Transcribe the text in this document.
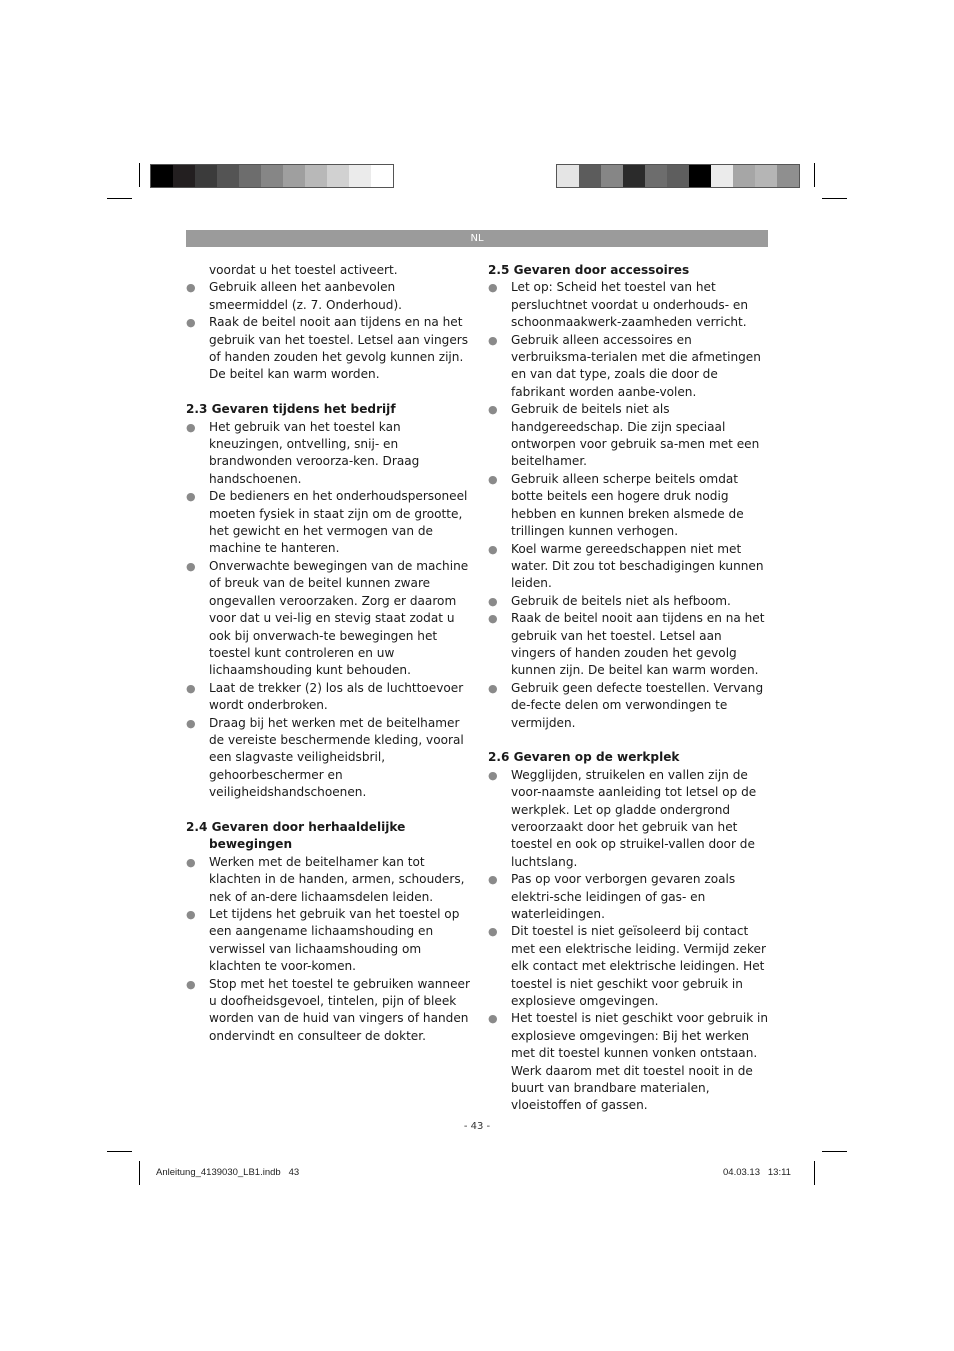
NL

voordat u het toestel activeert.

● Gebruik alleen het aanbevolen smeermiddel (z. 7. Onderhoud).
● Raak de beitel nooit aan tijdens en na het gebruik van het toestel. Letsel aan vingers of handen zouden het gevolg kunnen zijn. De beitel kan warm worden.

2.3 Gevaren tijdens het bedrijf

● Het gebruik van het toestel kan kneuzingen, ontvelling, snij- en brandwonden veroorza-ken. Draag handschoenen.
● De bedieners en het onderhoudspersoneel moeten fysiek in staat zijn om de grootte, het gewicht en het vermogen van de machine te hanteren.
● Onverwachte bewegingen van de machine of breuk van de beitel kunnen zware ongevallen veroorzaken. Zorg er daarom voor dat u vei-lig en stevig staat zodat u ook bij onverwach-te bewegingen het toestel kunt controleren en uw lichaamshouding kunt behouden.
● Laat de trekker (2) los als de luchttoevoer wordt onderbroken.
● Draag bij het werken met de beitelhamer de vereiste beschermende kleding, vooral een slagvaste veiligheidsbril, gehoorbeschermer en veiligheidshandschoenen.

2.4 Gevaren door herhaaldelijke
bewegingen

● Werken met de beitelhamer kan tot klachten in de handen, armen, schouders, nek of an-dere lichaamsdelen leiden.
● Let tijdens het gebruik van het toestel op een aangename lichaamshouding en verwissel van lichaamshouding om klachten te voor-komen.
● Stop met het toestel te gebruiken wanneer u doofheidsgevoel, tintelen, pijn of bleek worden van de huid van vingers of handen ondervindt en consulteer de dokter.

2.5 Gevaren door accessoires

● Let op: Scheid het toestel van het persluchtnet voordat u onderhouds- en schoonmaakwerk-zaamheden verricht.
● Gebruik alleen accessoires en verbruiksma-terialen met die afmetingen en van dat type, zoals die door de fabrikant worden aanbe-volen.
● Gebruik de beitels niet als handgereedschap. Die zijn speciaal ontworpen voor gebruik sa-men met een beitelhamer.
● Gebruik alleen scherpe beitels omdat botte beitels een hogere druk nodig hebben en kunnen breken alsmede de trillingen kunnen verhogen.
● Koel warme gereedschappen niet met water. Dit zou tot beschadigingen kunnen leiden.
● Gebruik de beitels niet als hefboom.
● Raak de beitel nooit aan tijdens en na het gebruik van het toestel. Letsel aan vingers of handen zouden het gevolg kunnen zijn. De beitel kan warm worden.
● Gebruik geen defecte toestellen. Vervang de-fecte delen om verwondingen te vermijden.

2.6 Gevaren op de werkplek

● Wegglijden, struikelen en vallen zijn de voor-naamste aanleiding tot letsel op de werkplek. Let op gladde ondergrond veroorzaakt door het gebruik van het toestel en ook op struikel-vallen door de luchtslang.
● Pas op voor verborgen gevaren zoals elektri-sche leidingen of gas- en waterleidingen.
● Dit toestel is niet geïsoleerd bij contact met een elektrische leiding. Vermijd zeker elk contact met elektrische leidingen. Het toestel is niet geschikt voor gebruik in explosieve omgevingen.
● Het toestel is niet geschikt voor gebruik in explosieve omgevingen: Bij het werken met dit toestel kunnen vonken ontstaan. Werk daarom met dit toestel nooit in de buurt van brandbare materialen, vloeistoffen of gassen.
- 43 -
Anleitung_4139030_LB1.indb   43	04.03.13   13:11
